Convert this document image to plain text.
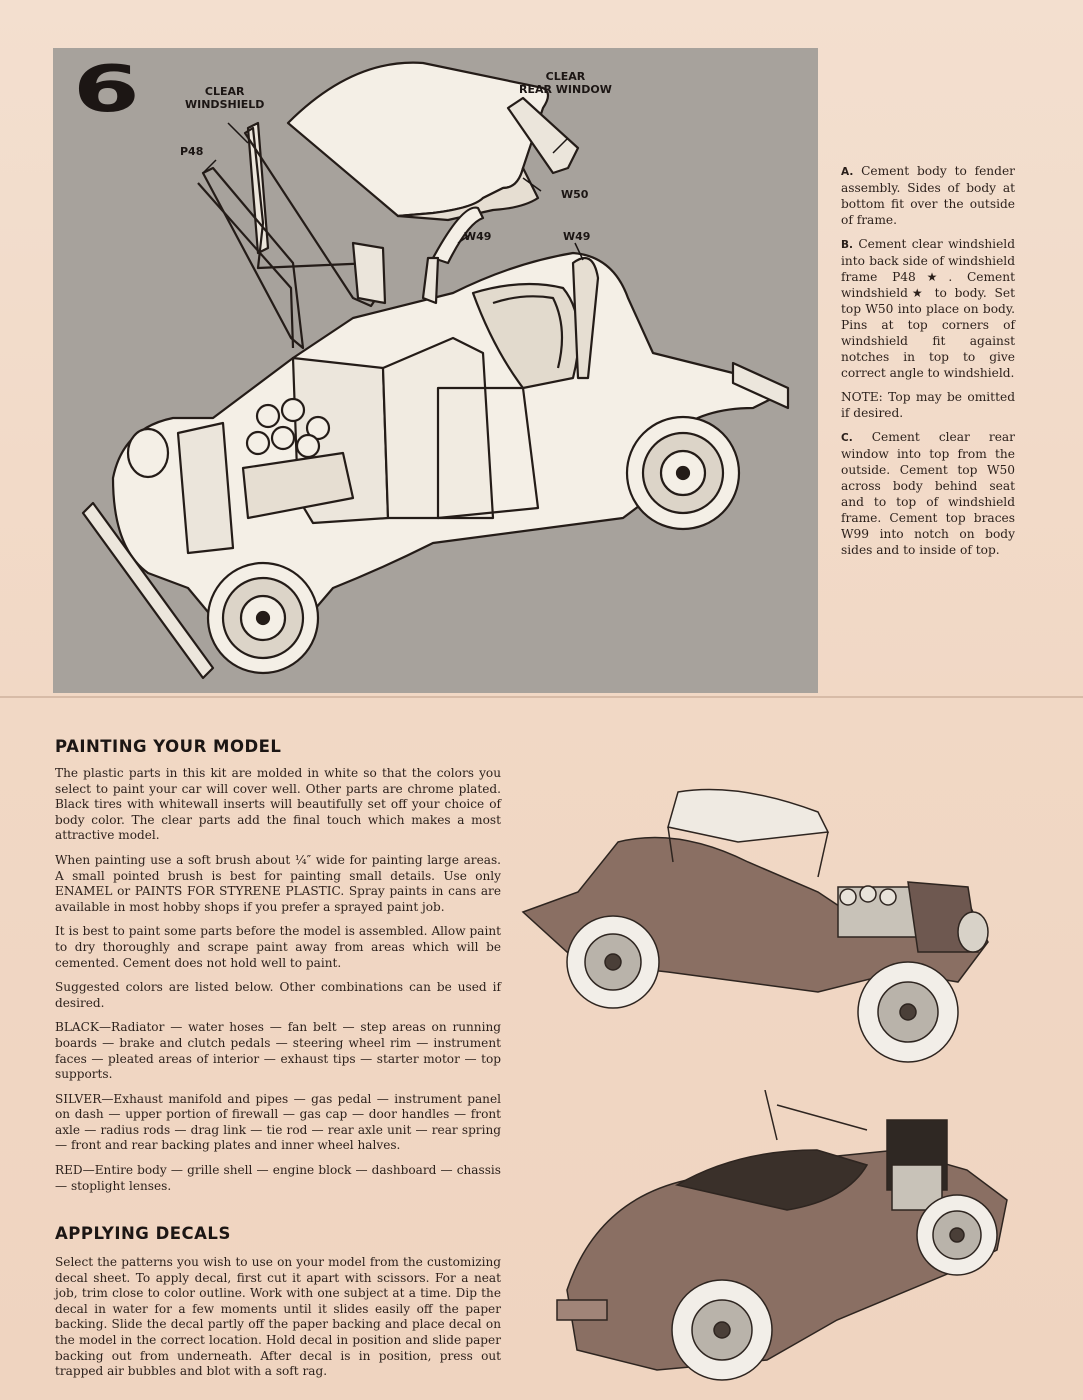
6	CLEAR
WINDSHIELD
CLEAR
REAR WINDOW
P48
W50
W49	W49

A. Cement body to fender assembly. Sides of body at bottom fit over the outside of frame.

B. Cement clear windshield into back side of windshield frame P48★. Cement windshield★ to body. Set top W50 into place on body. Pins at top corners of windshield fit against notches in top to give correct angle to windshield.

NOTE: Top may be omitted if desired.

C. Cement clear rear window into top from the outside. Cement top W50 across body behind seat and to top of windshield frame. Cement top braces W99 into notch on body sides and to inside of top.

PAINTING YOUR MODEL

The plastic parts in this kit are molded in white so that the colors you select to paint your car will cover well. Other parts are chrome plated. Black tires with whitewall inserts will beautifully set off your choice of body color. The clear parts add the final touch which makes a most attractive model.

When painting use a soft brush about ¼″ wide for painting large areas. A small pointed brush is best for painting small details. Use only ENAMEL or PAINTS FOR STYRENE PLASTIC. Spray paints in cans are available in most hobby shops if you prefer a sprayed paint job.

It is best to paint some parts before the model is assembled. Allow paint to dry thoroughly and scrape paint away from areas which will be cemented. Cement does not hold well to paint.

Suggested colors are listed below. Other combinations can be used if desired.

BLACK—Radiator — water hoses — fan belt — step areas on running boards — brake and clutch pedals — steering wheel rim — instrument faces — pleated areas of interior — exhaust tips — starter motor — top supports.

SILVER—Exhaust manifold and pipes — gas pedal — instrument panel on dash — upper portion of firewall — gas cap — door handles — front axle — radius rods — drag link — tie rod — rear axle unit — rear spring — front and rear backing plates and inner wheel halves.

RED—Entire body — grille shell — engine block — dashboard — chassis — stoplight lenses.

APPLYING DECALS

Select the patterns you wish to use on your model from the customizing decal sheet. To apply decal, first cut it apart with scissors. For a neat job, trim close to color outline. Work with one subject at a time. Dip the decal in water for a few moments until it slides easily off the paper backing. Slide the decal partly off the paper backing and place decal on the model in the correct location. Hold decal in position and slide paper backing out from underneath. After decal is in position, press out trapped air bubbles and blot with a soft rag.
